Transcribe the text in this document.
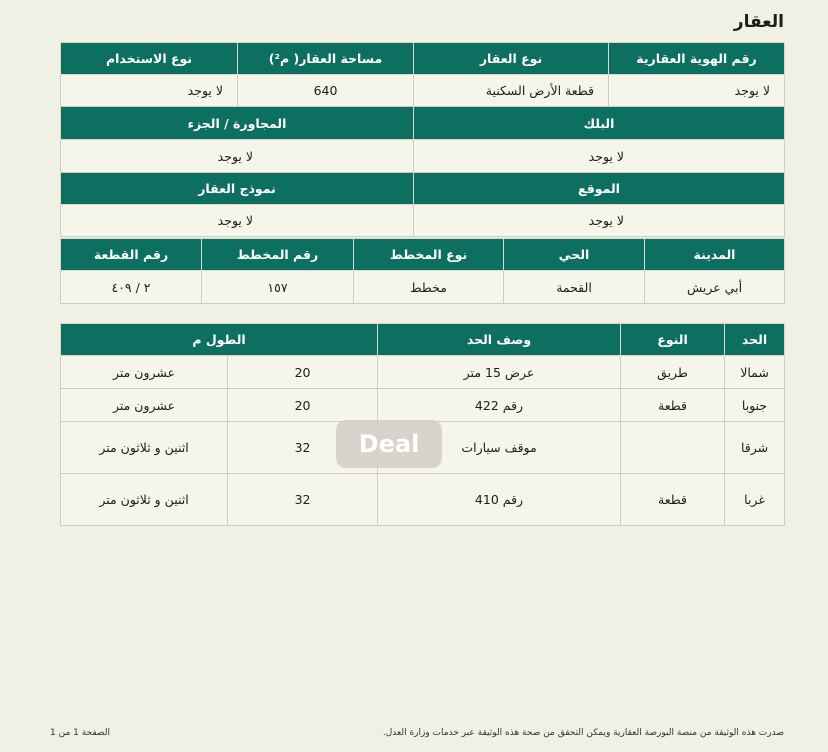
العقار
رقم الهوية العقارية	نوع العقار	مساحة العقار( م²)	نوع الاستخدام
لا يوجد	قطعة الأرض السكنية	640	لا يوجد
البلك		المجاورة / الجزء	
لا يوجد		لا يوجد	
الموقع		نموذج العقار	
لا يوجد		لا يوجد	
المدينة	الحي	نوع المخطط	رقم المخطط	رقم القطعة
أبي عريش	القحمة	مخطط	١٥٧	٢ / ٤٠٩
الحد	النوع	وصف الحد	الطول م	
شمالا	طريق	عرض 15 متر	20	عشرون متر
جنوبا	قطعة	رقم 422	20	عشرون متر
شرقا		موقف سيارات	32	اثنين و ثلاثون متر
غربا	قطعة	رقم 410	32	اثنين و ثلاثون متر
Deal
الصفحة 1 من 1	صدرت هذه الوثيقة من منصة البورصة العقارية ويمكن التحقق من صحة هذه الوثيقة عبر خدمات وزارة العدل.
